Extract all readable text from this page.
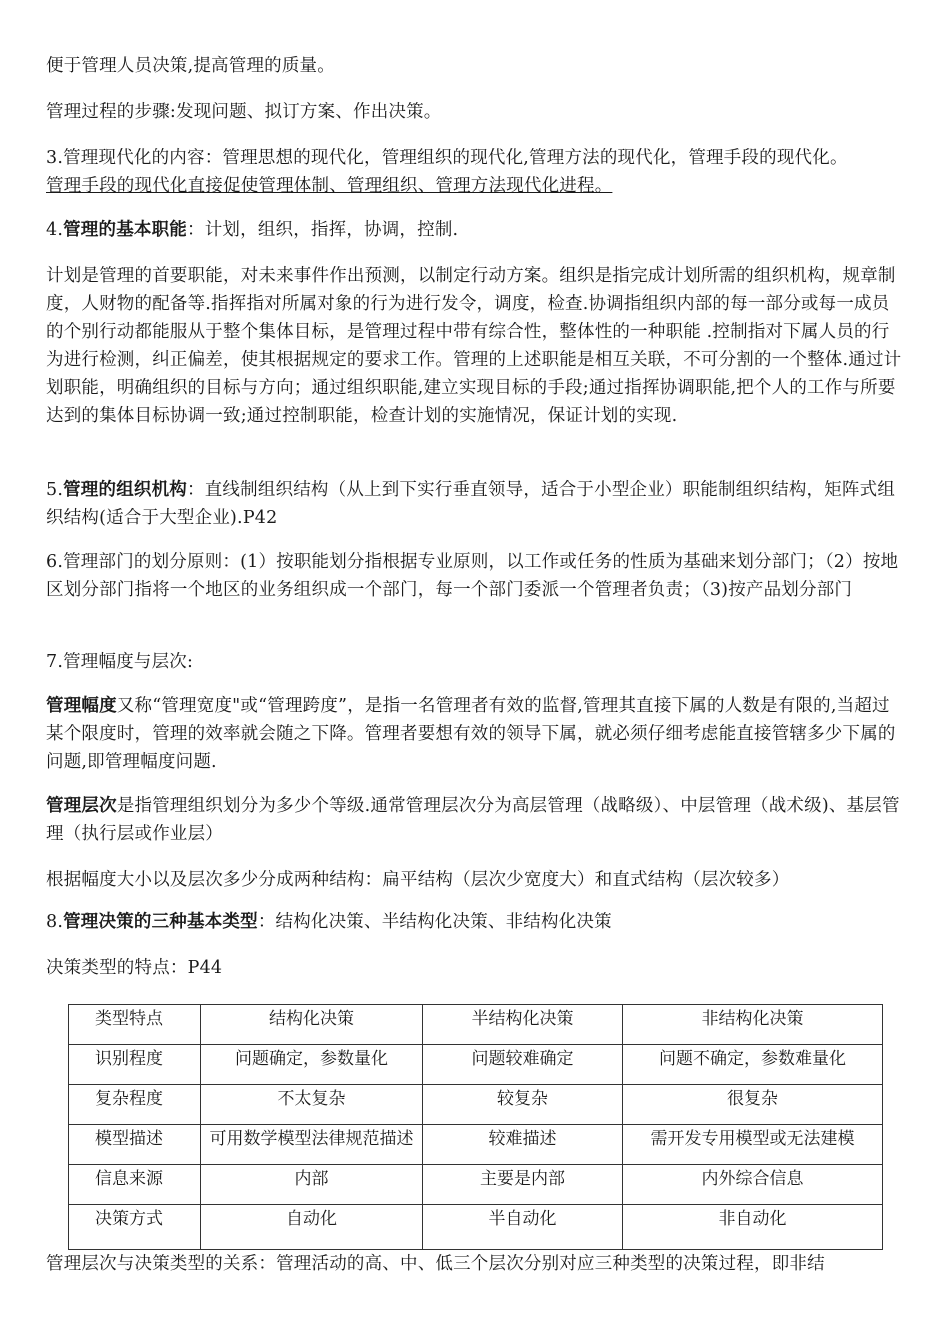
便于管理人员决策,提高管理的质量。

管理过程的步骤:发现问题、拟订方案、作出决策。

3.管理现代化的内容：管理思想的现代化，管理组织的现代化,管理方法的现代化，管理手段的现代化。
管理手段的现代化直接促使管理体制、管理组织、管理方法现代化进程。

4.管理的基本职能：计划，组织，指挥，协调，控制.

计划是管理的首要职能，对未来事件作出预测，以制定行动方案。组织是指完成计划所需的组织机构，规章制度，人财物的配备等.指挥指对所属对象的行为进行发令，调度，检查.协调指组织内部的每一部分或每一成员的个别行动都能服从于整个集体目标，是管理过程中带有综合性，整体性的一种职能 .控制指对下属人员的行为进行检测，纠正偏差，使其根据规定的要求工作。管理的上述职能是相互关联，不可分割的一个整体.通过计划职能，明确组织的目标与方向；通过组织职能,建立实现目标的手段;通过指挥协调职能,把个人的工作与所要达到的集体目标协调一致;通过控制职能，检查计划的实施情况，保证计划的实现.

5.管理的组织机构：直线制组织结构（从上到下实行垂直领导，适合于小型企业）职能制组织结构，矩阵式组织结构(适合于大型企业).P42

6.管理部门的划分原则：(1）按职能划分指根据专业原则，以工作或任务的性质为基础来划分部门；（2）按地区划分部门指将一个地区的业务组织成一个部门，每一个部门委派一个管理者负责；（3)按产品划分部门

7.管理幅度与层次:

管理幅度又称“管理宽度"或“管理跨度”，是指一名管理者有效的监督,管理其直接下属的人数是有限的,当超过某个限度时，管理的效率就会随之下降。管理者要想有效的领导下属，就必须仔细考虑能直接管辖多少下属的问题,即管理幅度问题.

管理层次是指管理组织划分为多少个等级.通常管理层次分为高层管理（战略级）、中层管理（战术级)、基层管理（执行层或作业层）

根据幅度大小以及层次多少分成两种结构：扁平结构（层次少宽度大）和直式结构（层次较多）

8.管理决策的三种基本类型：结构化决策、半结构化决策、非结构化决策

决策类型的特点：P44

类型特点	结构化决策	半结构化决策	非结构化决策
识别程度	问题确定，参数量化	问题较难确定	问题不确定，参数难量化
复杂程度	不太复杂	较复杂	很复杂
模型描述	可用数学模型法律规范描述	较难描述	需开发专用模型或无法建模
信息来源	内部	主要是内部	内外综合信息
决策方式	自动化	半自动化	非自动化

管理层次与决策类型的关系：管理活动的高、中、低三个层次分别对应三种类型的决策过程，即非结
